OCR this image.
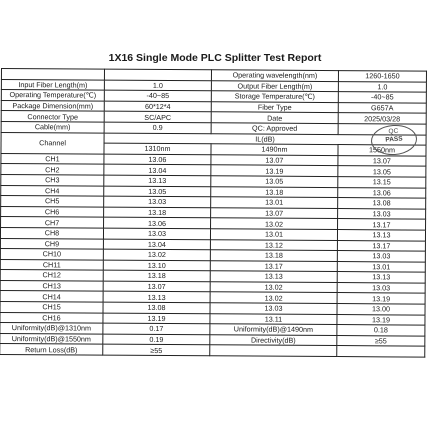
1X16 Single Mode PLC Splitter Test Report
		Operating wavelength(nm)	1260-1650
Input Fiber Length(m)	1.0	Output Fiber Length(m)	1.0
Operating Temperature(℃)	-40~85	Storage Temperature(℃)	-40~85
Package Dimension(mm)	60*12*4	Fiber Type	G657A
Connector Type	SC/APC	Date	2025/03/28
Cable(mm)	0.9	QC: Approved	
Channel	IL(dB)		
	1310nm	1490nm	1550nm
CH1	13.06	13.07	13.07
CH2	13.04	13.19	13.05
CH3	13.13	13.05	13.15
CH4	13.05	13.18	13.06
CH5	13.03	13.01	13.08
CH6	13.18	13.07	13.03
CH7	13.06	13.02	13.17
CH8	13.03	13.01	13.13
CH9	13.04	13.12	13.17
CH10	13.02	13.18	13.03
CH11	13.10	13.17	13.01
CH12	13.18	13.13	13.13
CH13	13.07	13.02	13.03
CH14	13.13	13.02	13.19
CH15	13.08	13.03	13.00
CH16	13.19	13.11	13.19
Uniformity(dB)@1310nm	0.17	Uniformity(dB)@1490nm	0.18
Uniformity(dB)@1550nm	0.19	Directivity(dB)	≥55
Return Loss(dB)	≥55		
QC
PASS
